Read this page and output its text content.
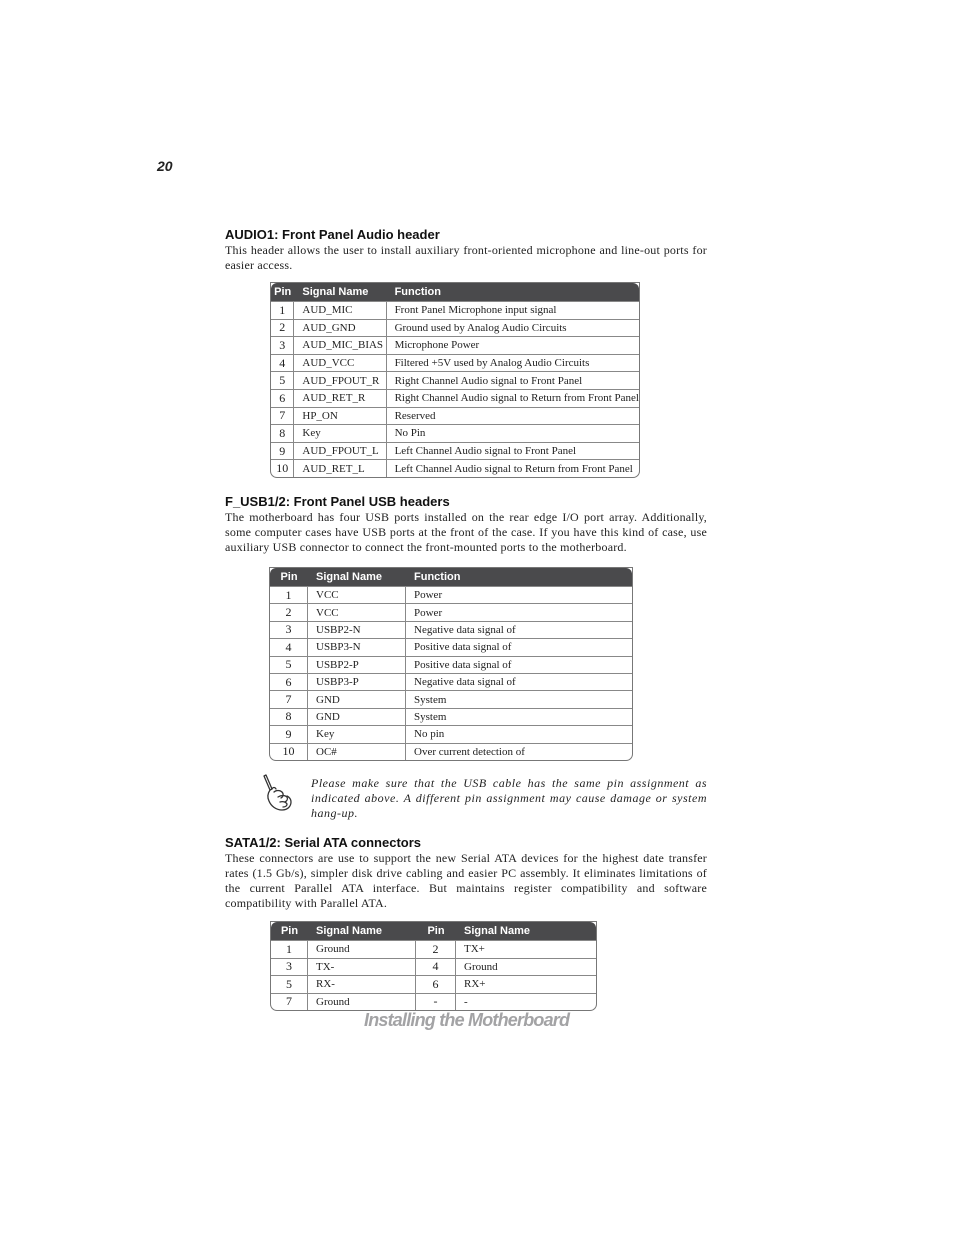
20
AUDIO1: Front Panel Audio header

This header allows the user to install auxiliary front-oriented microphone and line-out ports for easier access.

Pin	Signal Name	Function
1	AUD_MIC	Front Panel Microphone input signal
2	AUD_GND	Ground used by Analog Audio Circuits
3	AUD_MIC_BIAS	Microphone Power
4	AUD_VCC	Filtered +5V used by Analog Audio Circuits
5	AUD_FPOUT_R	Right Channel Audio signal to Front Panel
6	AUD_RET_R	Right Channel Audio signal to Return from Front Panel
7	HP_ON	Reserved
8	Key	No Pin
9	AUD_FPOUT_L	Left Channel Audio signal to Front Panel
10	AUD_RET_L	Left Channel Audio signal to Return from Front Panel
F_USB1/2: Front Panel USB headers

The motherboard has four USB ports installed on the rear edge I/O port array. Additionally, some computer cases have USB ports at the front of the case. If you have this kind of case, use auxiliary USB connector to connect the front-mounted ports to the motherboard.

Pin	Signal Name	Function
1	VCC	Power
2	VCC	Power
3	USBP2-N	Negative data signal of
4	USBP3-N	Positive data signal of
5	USBP2-P	Positive data signal of
6	USBP3-P	Negative data signal of
7	GND	System
8	GND	System
9	Key	No pin
10	OC#	Over current detection of
Please make sure that the USB cable has the same pin assignment as indicated above. A different pin assignment may cause damage or system hang-up.
SATA1/2: Serial ATA connectors

These connectors are use to support the new Serial ATA devices for the highest date transfer rates (1.5 Gb/s), simpler disk drive cabling and easier PC assembly. It eliminates limitations of the current Parallel ATA interface. But maintains register compatibility and software compatibility with Parallel ATA.

Pin	Signal Name	Pin	Signal Name
1	Ground	2	TX+
3	TX-	4	Ground
5	RX-	6	RX+
7	Ground	-	-
Installing the Motherboard
